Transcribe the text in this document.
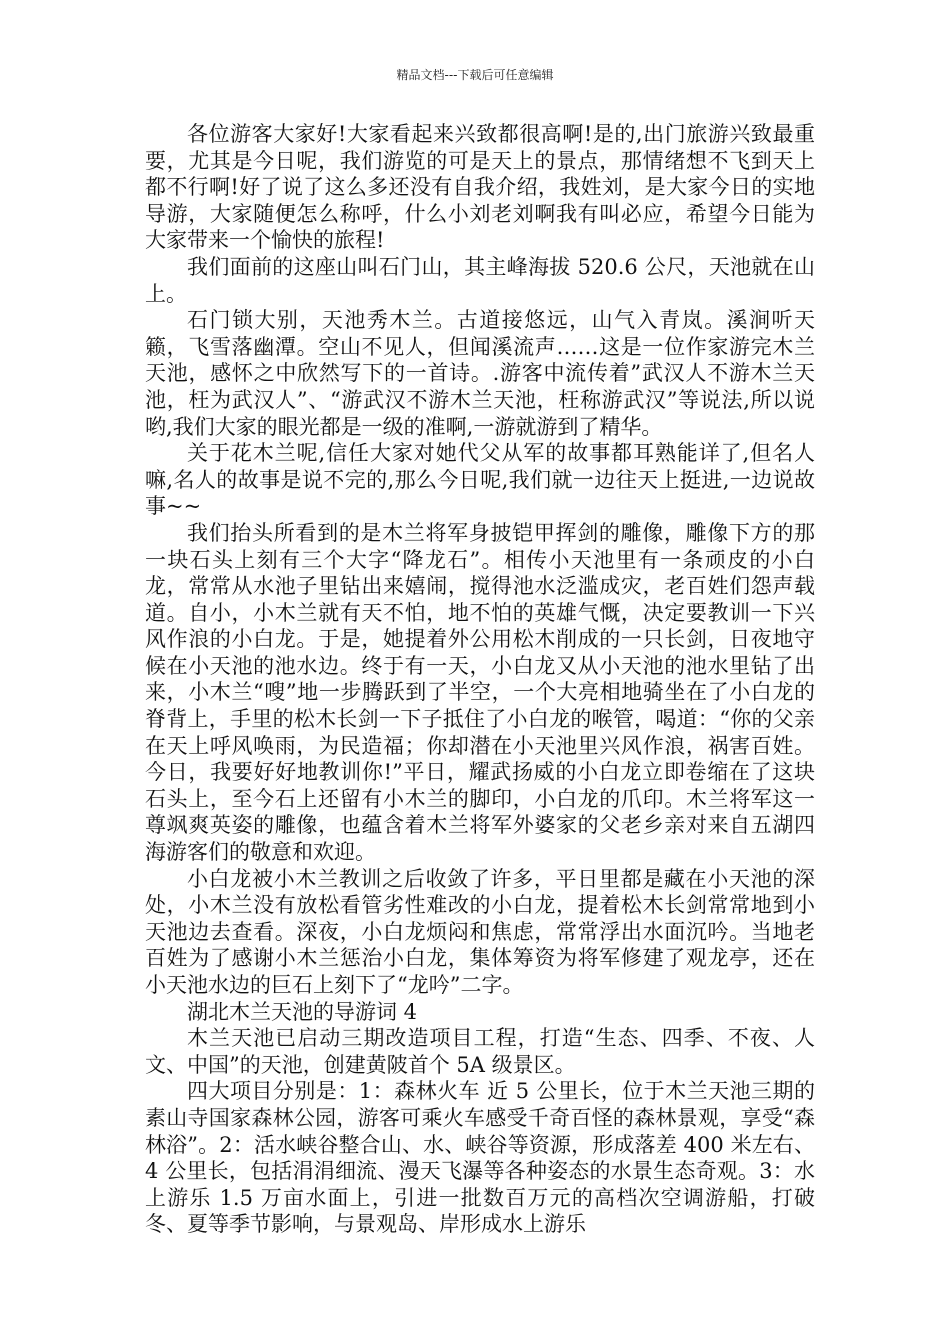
精品文档---下载后可任意编辑

各位游客大家好!大家看起来兴致都很高啊!是的,出门旅游兴致最重要，尤其是今日呢，我们游览的可是天上的景点，那情绪想不飞到天上都不行啊!好了说了这么多还没有自我介绍，我姓刘，是大家今日的实地导游，大家随便怎么称呼，什么小刘老刘啊我有叫必应，希望今日能为大家带来一个愉快的旅程!

我们面前的这座山叫石门山，其主峰海拔 520.6 公尺，天池就在山上。

石门锁大别，天池秀木兰。古道接悠远，山气入青岚。溪涧听天籁，飞雪落幽潭。空山不见人，但闻溪流声……这是一位作家游完木兰天池，感怀之中欣然写下的一首诗。.游客中流传着”武汉人不游木兰天池，枉为武汉人”、“游武汉不游木兰天池，枉称游武汉”等说法,所以说哟,我们大家的眼光都是一级的准啊,一游就游到了精华。

关于花木兰呢,信任大家对她代父从军的故事都耳熟能详了,但名人嘛,名人的故事是说不完的,那么今日呢,我们就一边往天上挺进,一边说故事~~

我们抬头所看到的是木兰将军身披铠甲挥剑的雕像，雕像下方的那一块石头上刻有三个大字“降龙石”。相传小天池里有一条顽皮的小白龙，常常从水池子里钻出来嬉闹，搅得池水泛滥成灾，老百姓们怨声载道。自小，小木兰就有天不怕，地不怕的英雄气慨，决定要教训一下兴风作浪的小白龙。于是，她提着外公用松木削成的一只长剑，日夜地守候在小天池的池水边。终于有一天，小白龙又从小天池的池水里钻了出来，小木兰“嗖”地一步腾跃到了半空，一个大亮相地骑坐在了小白龙的脊背上，手里的松木长剑一下子抵住了小白龙的喉管，喝道：“你的父亲在天上呼风唤雨，为民造福；你却潜在小天池里兴风作浪，祸害百姓。今日，我要好好地教训你!”平日，耀武扬威的小白龙立即卷缩在了这块石头上，至今石上还留有小木兰的脚印，小白龙的爪印。木兰将军这一尊飒爽英姿的雕像，也蕴含着木兰将军外婆家的父老乡亲对来自五湖四海游客们的敬意和欢迎。

小白龙被小木兰教训之后收敛了许多，平日里都是藏在小天池的深处，小木兰没有放松看管劣性难改的小白龙，提着松木长剑常常地到小天池边去查看。深夜，小白龙烦闷和焦虑，常常浮出水面沉吟。当地老百姓为了感谢小木兰惩治小白龙，集体筹资为将军修建了观龙亭，还在小天池水边的巨石上刻下了“龙吟”二字。

湖北木兰天池的导游词 4

木兰天池已启动三期改造项目工程，打造“生态、四季、不夜、人文、中国”的天池，创建黄陂首个 5A 级景区。

四大项目分别是：1：森林火车 近 5 公里长，位于木兰天池三期的素山寺国家森林公园，游客可乘火车感受千奇百怪的森林景观，享受“森林浴”。2：活水峡谷整合山、水、峡谷等资源，形成落差 400 米左右、4 公里长，包括涓涓细流、漫天飞瀑等各种姿态的水景生态奇观。3：水上游乐 1.5 万亩水面上，引进一批数百万元的高档次空调游船，打破冬、夏等季节影响，与景观岛、岸形成水上游乐
